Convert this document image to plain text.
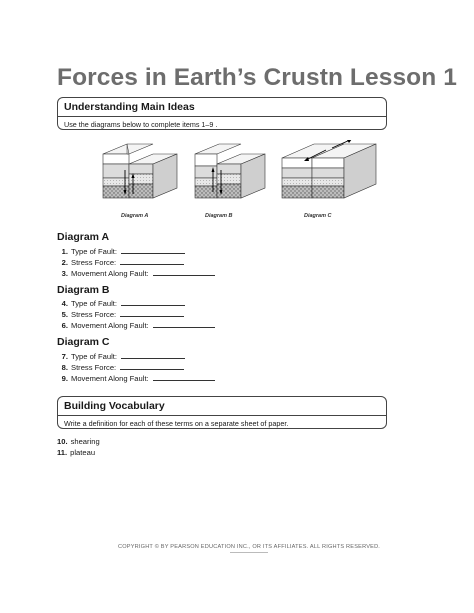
Forces in Earth’s Crustn Lesson 1
Understanding Main Ideas
Use the diagrams below to complete items 1–9 .
Diagram A	Diagram B	Diagram C
Diagram A
1. Type of Fault:
2. Stress Force:
3. Movement Along Fault:
Diagram B
4. Type of Fault:
5. Stress Force:
6. Movement Along Fault:
Diagram C
7. Type of Fault:
8. Stress Force:
9. Movement Along Fault:
Building Vocabulary
Write a definition for each of these terms on a separate sheet of paper.
10. shearing
11. plateau
COPYRIGHT © BY PEARSON EDUCATION INC., OR ITS AFFILIATES. ALL RIGHTS RESERVED.
